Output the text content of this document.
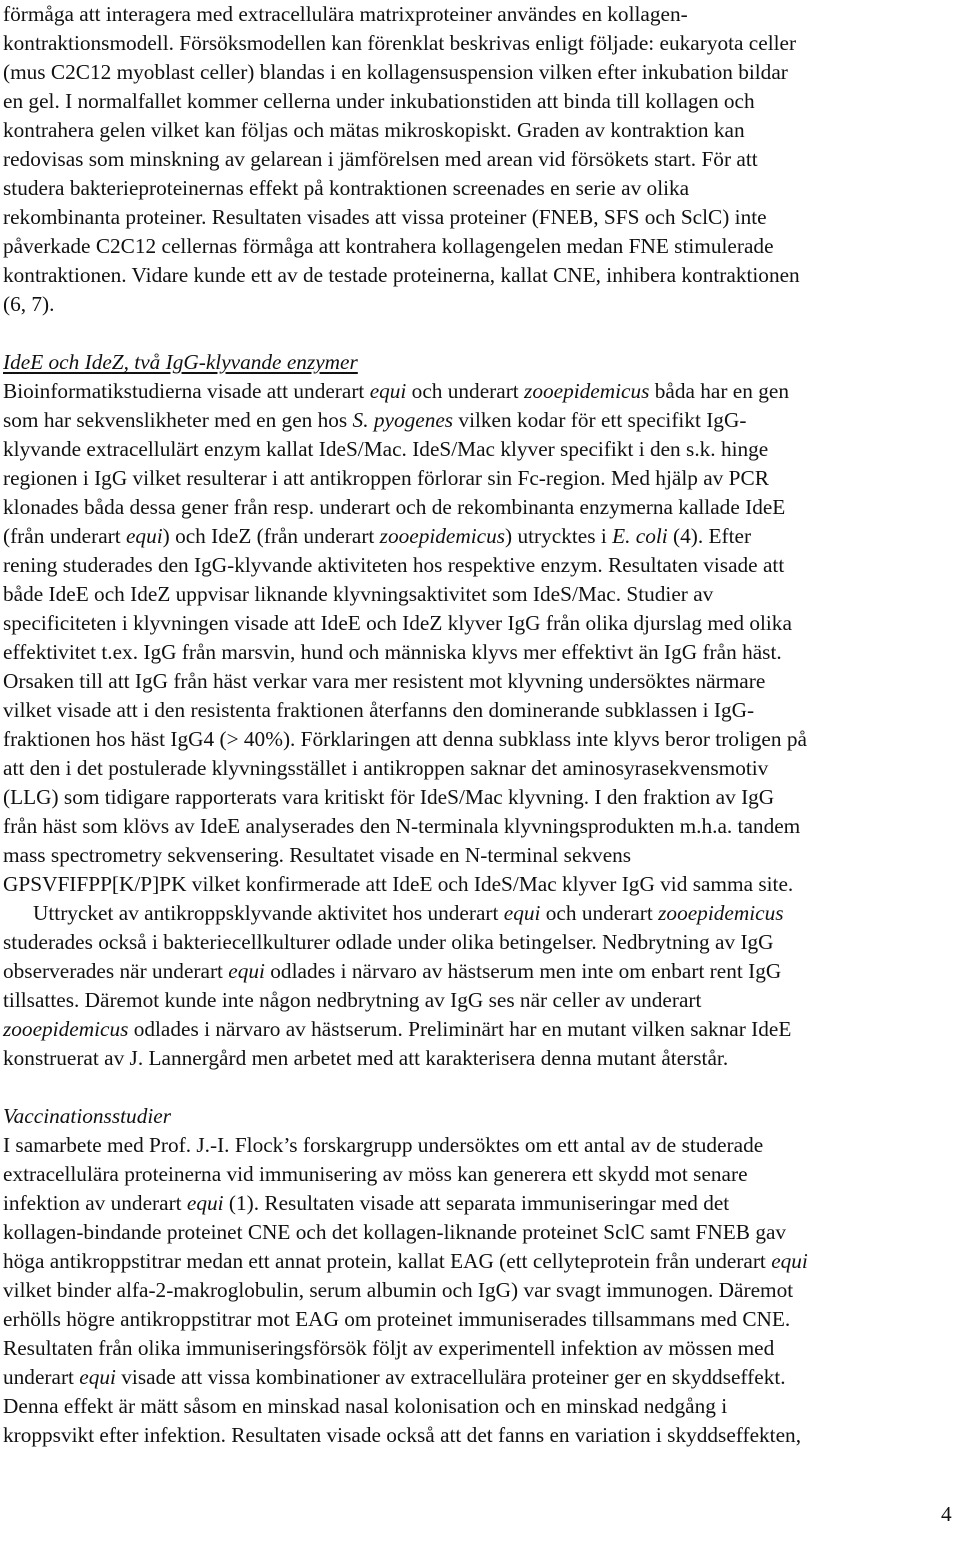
förmåga att interagera med extracellulära matrixproteiner användes en kollagen-
kontraktionsmodell. Försöksmodellen kan förenklat beskrivas enligt följade: eukaryota celler
(mus C2C12 myoblast celler) blandas i en kollagensuspension vilken efter inkubation bildar
en gel. I normalfallet kommer cellerna under inkubationstiden att binda till kollagen och
kontrahera gelen vilket kan följas och mätas mikroskopiskt. Graden av kontraktion kan
redovisas som minskning av gelarean i jämförelsen med arean vid försökets start. För att
studera bakterieproteinernas effekt på kontraktionen screenades en serie av olika
rekombinanta proteiner. Resultaten visades att vissa proteiner (FNEB, SFS och SclC) inte
påverkade C2C12 cellernas förmåga att kontrahera kollagengelen medan FNE stimulerade
kontraktionen. Vidare kunde ett av de testade proteinerna, kallat CNE, inhibera kontraktionen
(6, 7).
IdeE och IdeZ, två IgG-klyvande enzymer
Bioinformatikstudierna visade att underart equi och underart zooepidemicus båda har en gen
som har sekvenslikheter med en gen hos S. pyogenes vilken kodar för ett specifikt IgG-
klyvande extracellulärt enzym kallat IdeS/Mac. IdeS/Mac klyver specifikt i den s.k. hinge
regionen i IgG vilket resulterar i att antikroppen förlorar sin Fc-region. Med hjälp av PCR
klonades båda dessa gener från resp. underart och de rekombinanta enzymerna kallade IdeE
(från underart equi) och IdeZ (från underart zooepidemicus) utrycktes i E. coli (4). Efter
rening studerades den IgG-klyvande aktiviteten hos respektive enzym. Resultaten visade att
både IdeE och IdeZ uppvisar liknande klyvningsaktivitet som IdeS/Mac. Studier av
specificiteten i klyvningen visade att IdeE och IdeZ klyver IgG från olika djurslag med olika
effektivitet t.ex. IgG från marsvin, hund och människa klyvs mer effektivt än IgG från häst.
Orsaken till att IgG från häst verkar vara mer resistent mot klyvning undersöktes närmare
vilket visade att i den resistenta fraktionen återfanns den dominerande subklassen i IgG-
fraktionen hos häst IgG4 (> 40%). Förklaringen att denna subklass inte klyvs beror troligen på
att den i det postulerade klyvningsstället i antikroppen saknar det aminosyrasekvensmotiv
(LLG) som tidigare rapporterats vara kritiskt för IdeS/Mac klyvning. I den fraktion av IgG
från häst som klövs av IdeE analyserades den N-terminala klyvningsprodukten m.h.a. tandem
mass spectrometry sekvensering. Resultatet visade en N-terminal sekvens
GPSVFIFPP[K/P]PK vilket konfirmerade att IdeE och IdeS/Mac klyver IgG vid samma site.
Uttrycket av antikroppsklyvande aktivitet hos underart equi och underart zooepidemicus
studerades också i bakteriecellkulturer odlade under olika betingelser. Nedbrytning av IgG
observerades när underart equi odlades i närvaro av hästserum men inte om enbart rent IgG
tillsattes. Däremot kunde inte någon nedbrytning av IgG ses när celler av underart
zooepidemicus odlades i närvaro av hästserum. Preliminärt har en mutant vilken saknar IdeE
konstruerat av J. Lannergård men arbetet med att karakterisera denna mutant återstår.
Vaccinationsstudier
I samarbete med Prof. J.-I. Flock’s forskargrupp undersöktes om ett antal av de studerade
extracellulära proteinerna vid immunisering av möss kan generera ett skydd mot senare
infektion av underart equi (1). Resultaten visade att separata immuniseringar med det
kollagen-bindande proteinet CNE och det kollagen-liknande proteinet SclC samt FNEB gav
höga antikroppstitrar medan ett annat protein, kallat EAG (ett cellyteprotein från underart equi
vilket binder alfa-2-makroglobulin, serum albumin och IgG) var svagt immunogen. Däremot
erhölls högre antikroppstitrar mot EAG om proteinet immuniserades tillsammans med CNE.
Resultaten från olika immuniseringsförsök följt av experimentell infektion av mössen med
underart equi visade att vissa kombinationer av extracellulära proteiner ger en skyddseffekt.
Denna effekt är mätt såsom en minskad nasal kolonisation och en minskad nedgång i
kroppsvikt efter infektion. Resultaten visade också att det fanns en variation i skyddseffekten,
4
